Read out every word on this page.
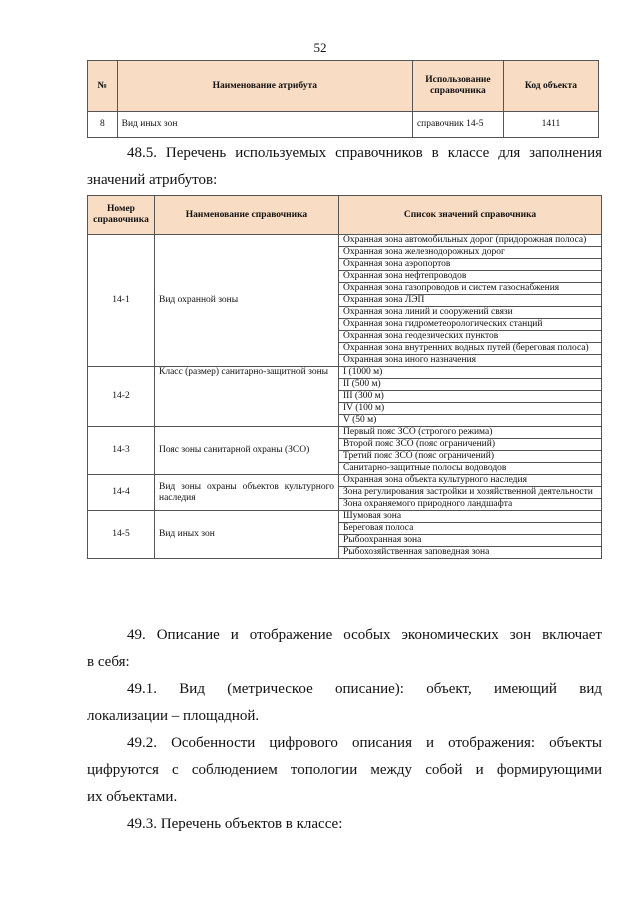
52
№	Наименование атрибута	Использование справочника	Код объекта
8	Вид иных зон	справочник 14-5	1411
48.5. Перечень используемых справочников в классе для заполнения
значений атрибутов:
Номер справочника	Наименование справочника	Список значений справочника
14-1	Вид охранной зоны	Охранная зона автомобильных дорог (придорожная полоса)
		Охранная зона железнодорожных дорог
		Охранная зона аэропортов
		Охранная зона нефтепроводов
		Охранная зона газопроводов и систем газоснабжения
		Охранная зона ЛЭП
		Охранная зона линий и сооружений связи
		Охранная зона гидрометеорологических станций
		Охранная зона геодезических пунктов
		Охранная зона внутренних водных путей (береговая полоса)
		Охранная зона иного назначения
14-2	Класс (размер) санитарно-защитной зоны	I (1000 м)
		II (500 м)
		III (300 м)
		IV (100 м)
		V (50 м)
14-3	Пояс зоны санитарной охраны (ЗСО)	Первый пояс ЗСО (строгого режима)
		Второй пояс ЗСО (пояс ограничений)
		Третий пояс ЗСО (пояс ограничений)
		Санитарно-защитные полосы водоводов
14-4	Вид зоны охраны объектов культурного наследия	Охранная зона объекта культурного наследия
		Зона регулирования застройки и хозяйственной деятельности
		Зона охраняемого природного ландшафта
14-5	Вид иных зон	Шумовая зона
		Береговая полоса
		Рыбоохранная зона
		Рыбохозяйственная заповедная зона
49. Описание и отображение особых экономических зон включает
в себя:
49.1. Вид (метрическое описание): объект, имеющий вид
локализации – площадной.
49.2. Особенности цифрового описания и отображения: объекты
цифруются с соблюдением топологии между собой и формирующими
их объектами.
49.3. Перечень объектов в классе:
